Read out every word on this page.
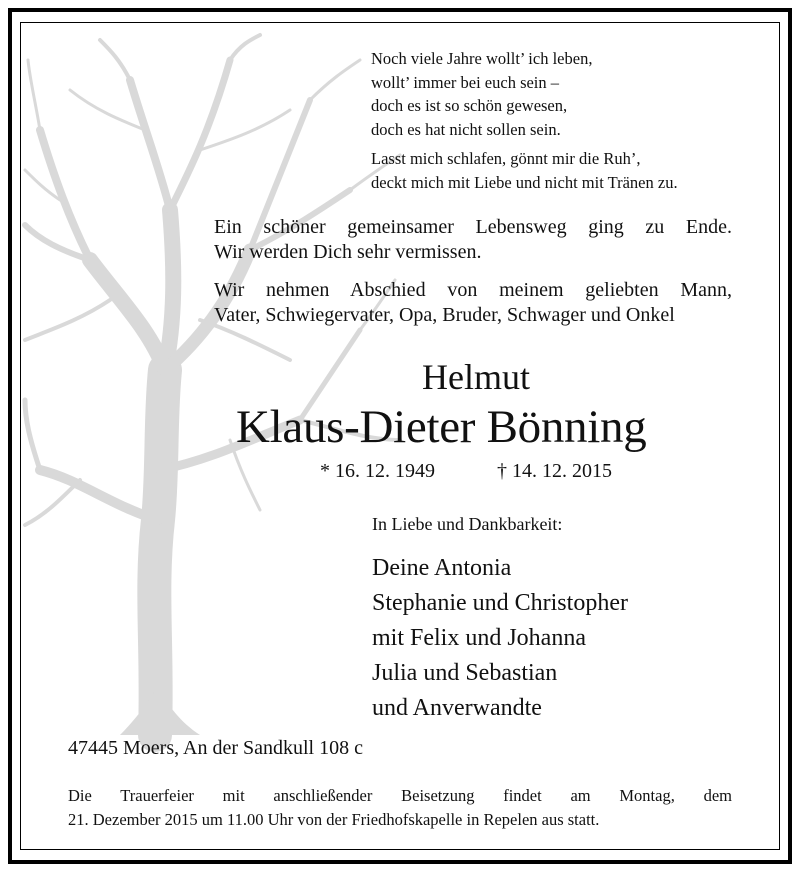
Noch viele Jahre wollt’ ich leben,
wollt’ immer bei euch sein –
doch es ist so schön gewesen,
doch es hat nicht sollen sein.
Lasst mich schlafen, gönnt mir die Ruh’,
deckt mich mit Liebe und nicht mit Tränen zu.
Ein schöner gemeinsamer Lebensweg ging zu Ende.
Wir werden Dich sehr vermissen.
Wir nehmen Abschied von meinem geliebten Mann,
Vater, Schwiegervater, Opa, Bruder, Schwager und Onkel
Helmut
Klaus-Dieter Bönning
* 16. 12. 1949	† 14. 12. 2015
In Liebe und Dankbarkeit:
Deine Antonia
Stephanie und Christopher
mit Felix und Johanna
Julia und Sebastian
und Anverwandte
47445 Moers, An der Sandkull 108 c
Die Trauerfeier mit anschließender Beisetzung findet am Montag, dem
21. Dezember 2015 um 11.00 Uhr von der Friedhofskapelle in Repelen aus statt.
